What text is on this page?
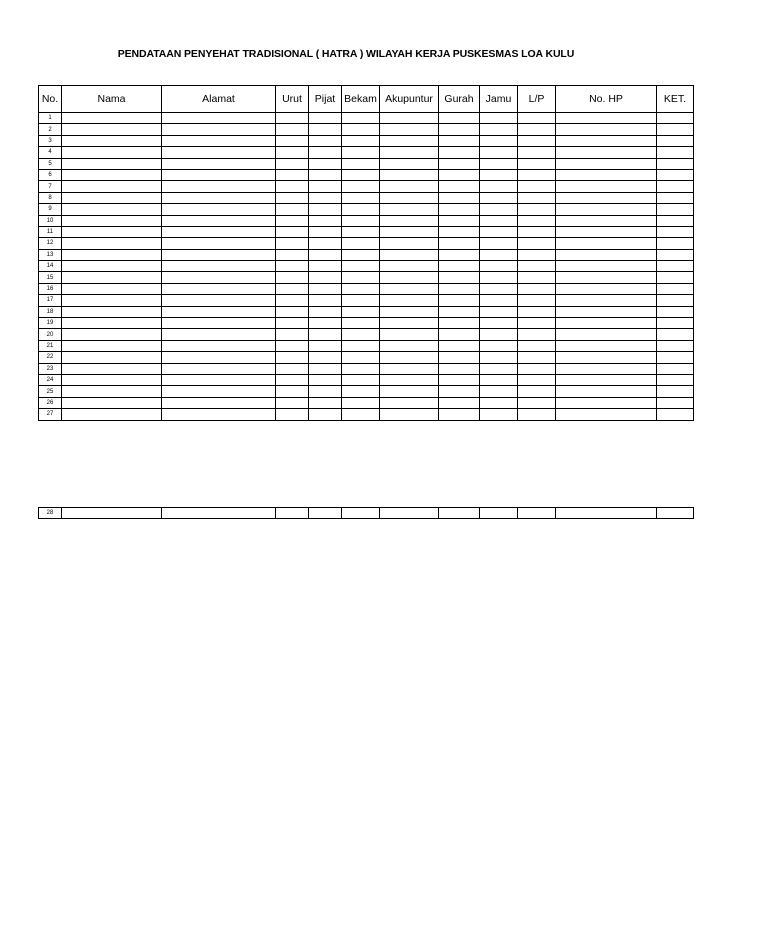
PENDATAAN PENYEHAT TRADISIONAL ( HATRA ) WILAYAH KERJA PUSKESMAS LOA KULU
No.	Nama	Alamat	Urut	Pijat	Bekam	Akupuntur	Gurah	Jamu	L/P	No. HP	KET.
1											
2											
3											
4											
5											
6											
7											
8											
9											
10											
11											
12											
13											
14											
15											
16											
17											
18											
19											
20											
21											
22											
23											
24											
25											
26											
27											
28											
